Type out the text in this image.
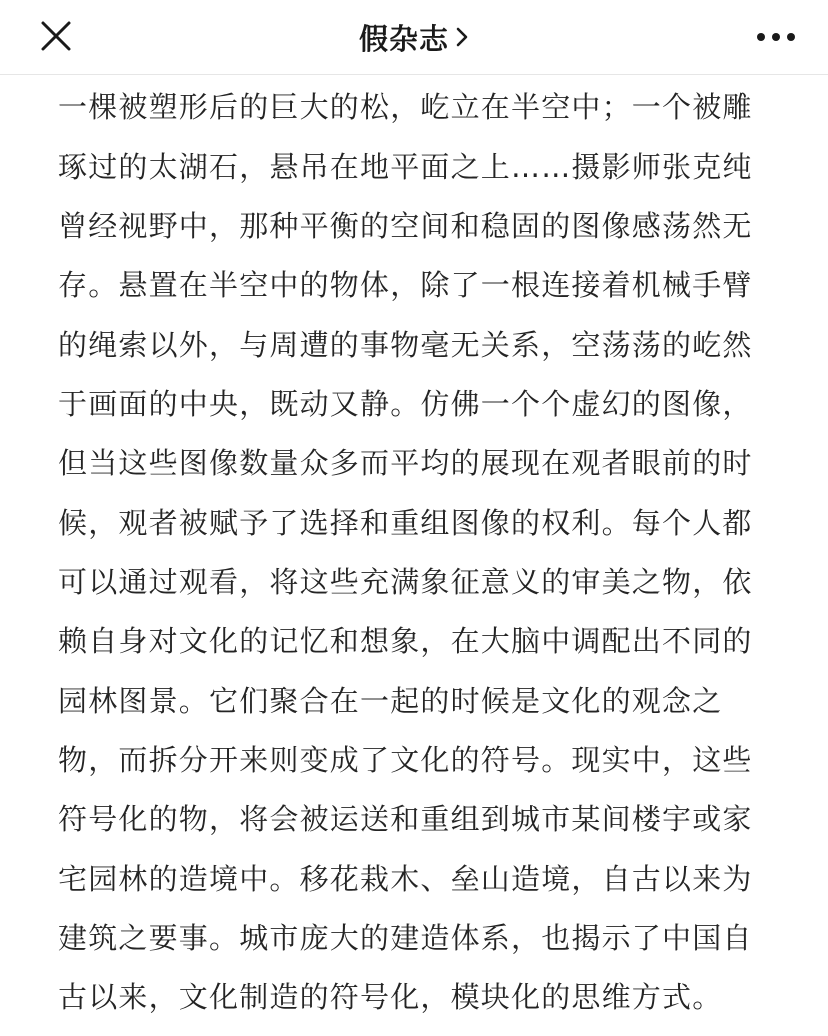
假杂志
一棵被塑形后的巨大的松，屹立在半空中；一个被雕
琢过的太湖石，悬吊在地平面之上……摄影师张克纯
曾经视野中，那种平衡的空间和稳固的图像感荡然无
存。悬置在半空中的物体，除了一根连接着机械手臂
的绳索以外，与周遭的事物毫无关系，空荡荡的屹然
于画面的中央，既动又静。仿佛一个个虚幻的图像，
但当这些图像数量众多而平均的展现在观者眼前的时
候，观者被赋予了选择和重组图像的权利。每个人都
可以通过观看，将这些充满象征意义的审美之物，依
赖自身对文化的记忆和想象，在大脑中调配出不同的
园林图景。它们聚合在一起的时候是文化的观念之
物，而拆分开来则变成了文化的符号。现实中，这些
符号化的物，将会被运送和重组到城市某间楼宇或家
宅园林的造境中。移花栽木、垒山造境，自古以来为
建筑之要事。城市庞大的建造体系，也揭示了中国自
古以来，文化制造的符号化，模块化的思维方式。
